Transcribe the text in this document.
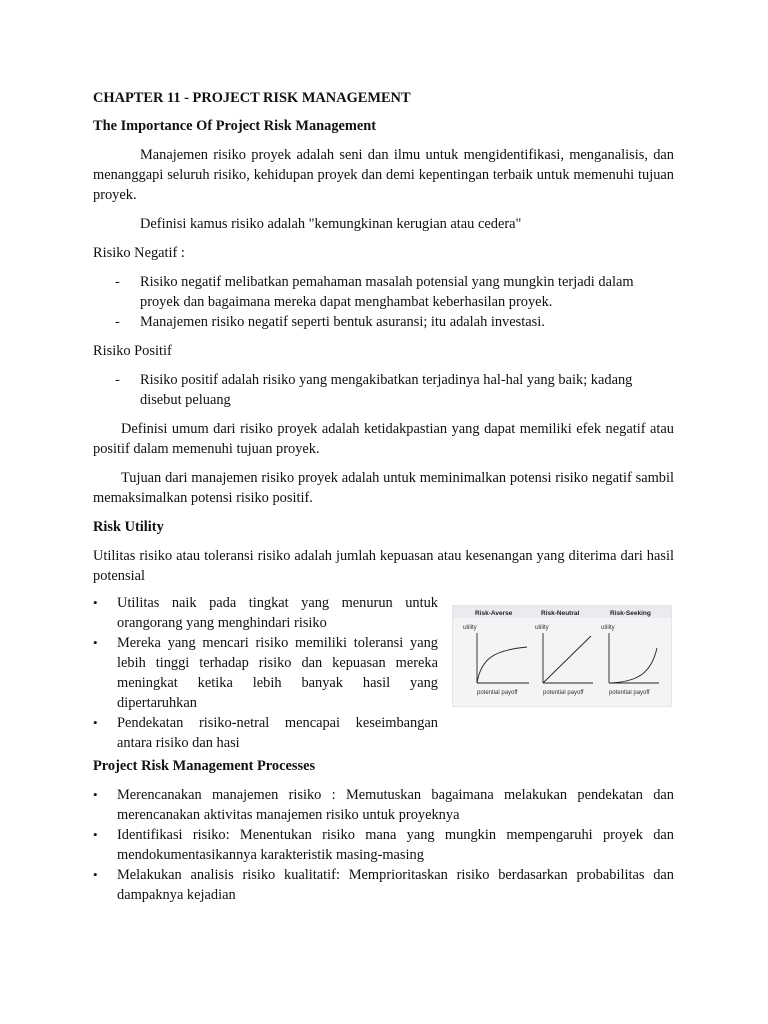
CHAPTER 11 - PROJECT RISK MANAGEMENT

The Importance Of Project Risk Management

Manajemen risiko proyek adalah seni dan ilmu untuk mengidentifikasi, menganalisis, dan menanggapi seluruh risiko, kehidupan proyek dan demi kepentingan terbaik untuk memenuhi tujuan proyek.

Definisi kamus risiko adalah "kemungkinan kerugian atau cedera"

Risiko Negatif :

- Risiko negatif melibatkan pemahaman masalah potensial yang mungkin terjadi dalam proyek dan bagaimana mereka dapat menghambat keberhasilan proyek.
- Manajemen risiko negatif seperti bentuk asuransi; itu adalah investasi.

Risiko Positif

- Risiko positif adalah risiko yang mengakibatkan terjadinya hal-hal yang baik; kadang disebut peluang

Definisi umum dari risiko proyek adalah ketidakpastian yang dapat memiliki efek negatif atau positif dalam memenuhi tujuan proyek.

Tujuan dari manajemen risiko proyek adalah untuk meminimalkan potensi risiko negatif sambil memaksimalkan potensi risiko positif.

Risk Utility

Utilitas risiko atau toleransi risiko adalah jumlah kepuasan atau kesenangan yang diterima dari hasil potensial

• Utilitas naik pada tingkat yang menurun untuk orangorang yang menghindari risiko
• Mereka yang mencari risiko memiliki toleransi yang lebih tinggi terhadap risiko dan kepuasan mereka meningkat ketika lebih banyak hasil yang dipertaruhkan
• Pendekatan risiko-netral mencapai keseimbangan antara risiko dan hasi
Risk-Averse	Risk-Neutral	Risk-Seeking
utility
potential payoff
utility
potential payoff
utility
potential payoff

Project Risk Management Processes

• Merencanakan manajemen risiko : Memutuskan bagaimana melakukan pendekatan dan merencanakan aktivitas manajemen risiko untuk proyeknya
• Identifikasi risiko: Menentukan risiko mana yang mungkin mempengaruhi proyek dan mendokumentasikannya karakteristik masing-masing
• Melakukan analisis risiko kualitatif: Memprioritaskan risiko berdasarkan probabilitas dan dampaknya kejadian
